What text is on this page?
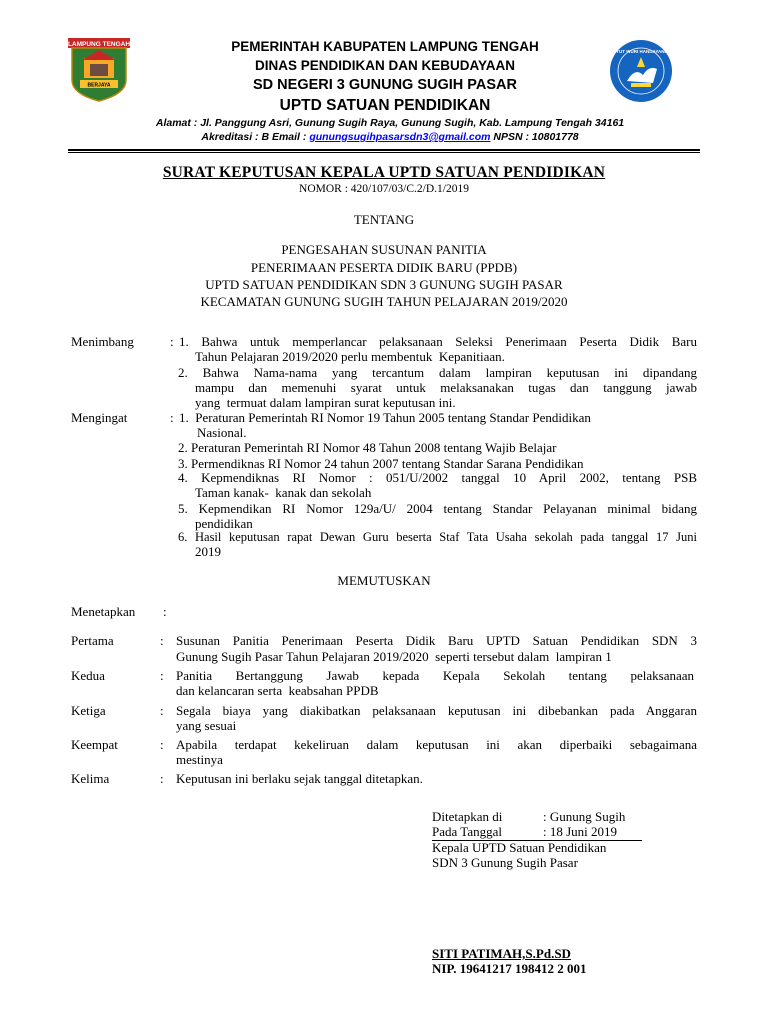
LAMPUNG TENGAH
BERJAYA
TUT WURI HANDAYANI
PEMERINTAH KABUPATEN LAMPUNG TENGAH
DINAS PENDIDIKAN DAN KEBUDAYAAN
SD NEGERI 3 GUNUNG SUGIH PASAR
UPTD SATUAN PENDIDIKAN
Alamat : Jl. Panggung Asri, Gunung Sugih Raya, Gunung Sugih, Kab. Lampung Tengah 34161
Akreditasi : B Email : gunungsugihpasarsdn3@gmail.com NPSN : 10801778
SURAT KEPUTUSAN KEPALA UPTD SATUAN PENDIDIKAN
NOMOR : 420/107/03/C.2/D.1/2019
TENTANG
PENGESAHAN SUSUNAN PANITIA
PENERIMAAN PESERTA DIDIK BARU (PPDB)
UPTD SATUAN PENDIDIKAN SDN 3 GUNUNG SUGIH PASAR
KECAMATAN GUNUNG SUGIH TAHUN PELAJARAN 2019/2020
Menimbang	: 1. Bahwa untuk memperlancar pelaksanaan Seleksi Penerimaan Peserta Didik Baru
Tahun Pelajaran 2019/2020 perlu membentuk  Kepanitiaan.
2. Bahwa Nama-nama yang tercantum dalam lampiran keputusan ini dipandang
mampu dan memenuhi syarat untuk melaksanakan tugas dan tanggung jawab
yang  termuat dalam lampiran surat keputusan ini.
Mengingat	: 1.  Peraturan Pemerintah RI Nomor 19 Tahun 2005 tentang Standar Pendidikan
Nasional.
2. Peraturan Pemerintah RI Nomor 48 Tahun 2008 tentang Wajib Belajar
3. Permendiknas RI Nomor 24 tahun 2007 tentang Standar Sarana Pendidikan
4. Kepmendiknas RI Nomor : 051/U/2002 tanggal 10 April 2002, tentang PSB
Taman kanak-  kanak dan sekolah
5. Kepmendikan RI Nomor 129a/U/ 2004 tentang Standar Pelayanan minimal bidang
pendidikan
6. Hasil keputusan rapat Dewan Guru beserta Staf Tata Usaha sekolah pada tanggal 17 Juni
2019
MEMUTUSKAN
Menetapkan :
Pertama	: Susunan Panitia Penerimaan Peserta Didik Baru UPTD Satuan Pendidikan SDN 3
Gunung Sugih Pasar Tahun Pelajaran 2019/2020  seperti tersebut dalam  lampiran 1
Kedua	: Panitia Bertanggung Jawab kepada Kepala Sekolah tentang pelaksanaan
dan kelancaran serta  keabsahan PPDB
Ketiga	: Segala biaya yang diakibatkan pelaksanaan keputusan ini dibebankan pada Anggaran
yang sesuai
Keempat	: Apabila terdapat kekeliruan dalam keputusan ini akan diperbaiki sebagaimana
mestinya
Kelima	: Keputusan ini berlaku sejak tanggal ditetapkan.
Ditetapkan di	: Gunung Sugih
Pada Tanggal	: 18 Juni 2019
Kepala UPTD Satuan Pendidikan
SDN 3 Gunung Sugih Pasar
SITI PATIMAH,S.Pd.SD
NIP. 19641217 198412 2 001
